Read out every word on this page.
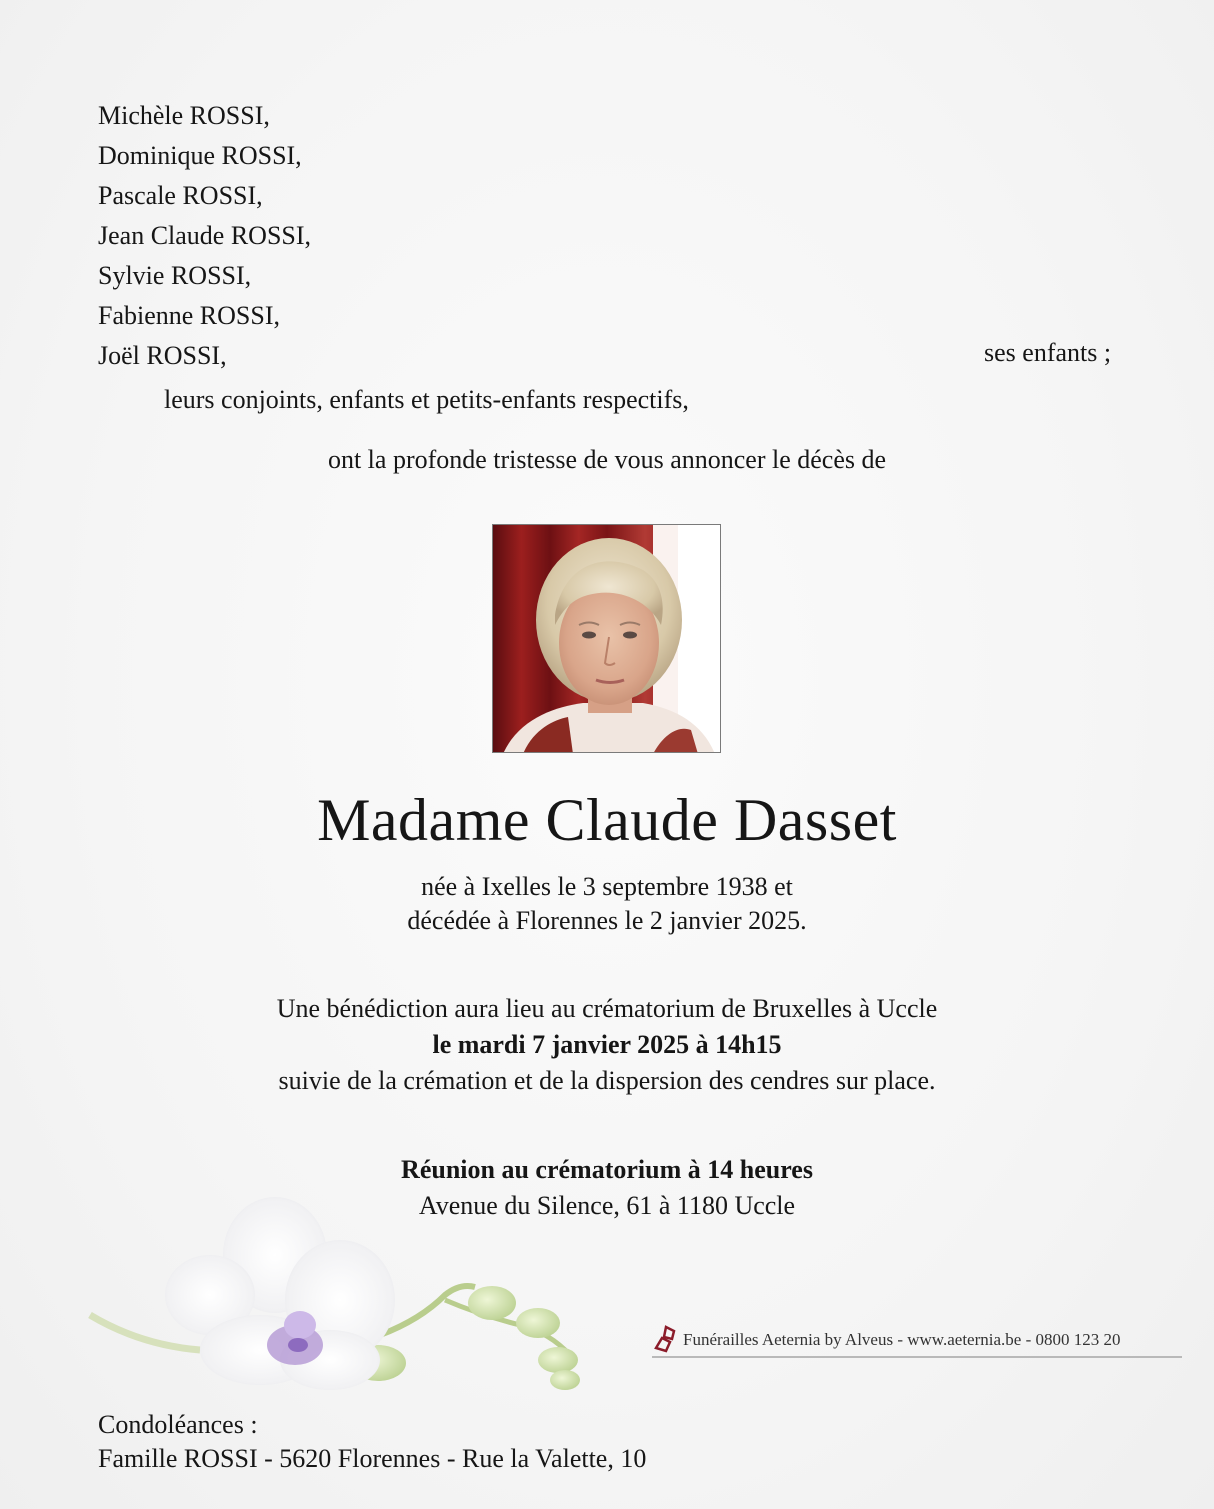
Michèle ROSSI,
Dominique ROSSI,
Pascale ROSSI,
Jean Claude ROSSI,
Sylvie ROSSI,
Fabienne ROSSI,
Joël ROSSI,	ses enfants ;
leurs conjoints, enfants et petits-enfants respectifs,
ont la profonde tristesse de vous annoncer le décès de
Madame Claude Dasset
née à Ixelles le 3 septembre 1938 et
décédée à Florennes le 2 janvier 2025.
Une bénédiction aura lieu au crématorium de Bruxelles à Uccle
le mardi 7 janvier 2025 à 14h15
suivie de la crémation et de la dispersion des cendres sur place.
Réunion au crématorium à 14 heures
Avenue du Silence, 61 à 1180 Uccle
Funérailles Aeternia by Alveus - www.aeternia.be - 0800 123 20
Condoléances :
Famille ROSSI - 5620 Florennes - Rue la Valette, 10
